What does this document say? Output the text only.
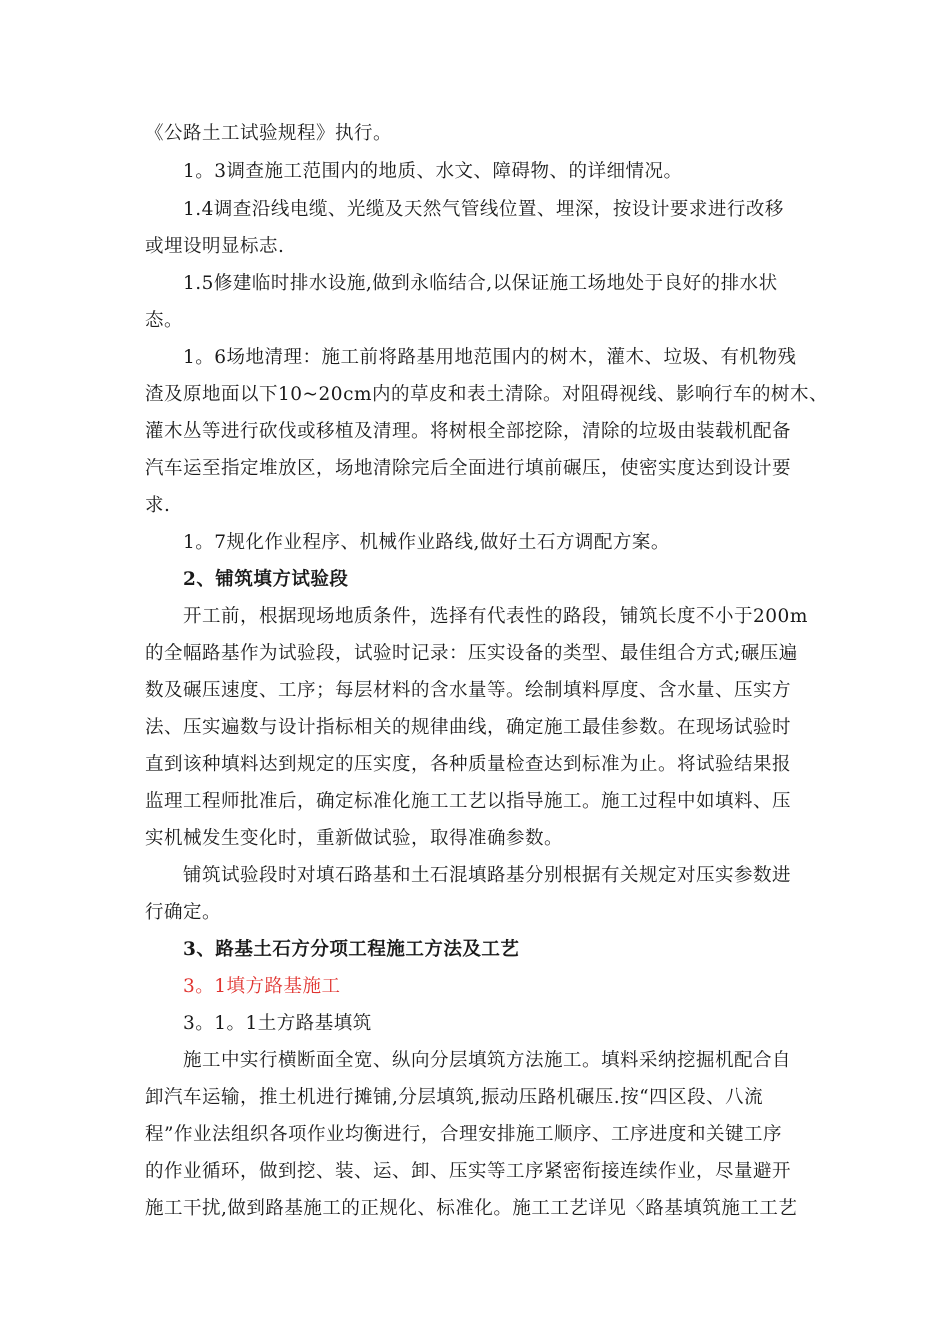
《公路土工试验规程》执行。
1。3调查施工范围内的地质、水文、障碍物、的详细情况。
1.4调查沿线电缆、光缆及天然气管线位置、埋深，按设计要求进行改移
或埋设明显标志.
1.5修建临时排水设施,做到永临结合,以保证施工场地处于良好的排水状
态。
1。6场地清理：施工前将路基用地范围内的树木，灌木、垃圾、有机物残
渣及原地面以下10~20cm内的草皮和表土清除。对阻碍视线、影响行车的树木、
灌木丛等进行砍伐或移植及清理。将树根全部挖除，清除的垃圾由装载机配备
汽车运至指定堆放区，场地清除完后全面进行填前碾压，使密实度达到设计要
求.
1。7规化作业程序、机械作业路线,做好土石方调配方案。
2、铺筑填方试验段
开工前，根据现场地质条件，选择有代表性的路段，铺筑长度不小于200m
的全幅路基作为试验段，试验时记录：压实设备的类型、最佳组合方式;碾压遍
数及碾压速度、工序；每层材料的含水量等。绘制填料厚度、含水量、压实方
法、压实遍数与设计指标相关的规律曲线，确定施工最佳参数。在现场试验时
直到该种填料达到规定的压实度，各种质量检查达到标准为止。将试验结果报
监理工程师批准后，确定标准化施工工艺以指导施工。施工过程中如填料、压
实机械发生变化时，重新做试验，取得准确参数。
铺筑试验段时对填石路基和土石混填路基分别根据有关规定对压实参数进
行确定。
3、路基土石方分项工程施工方法及工艺
3。1填方路基施工
3。1。1土方路基填筑
施工中实行横断面全宽、纵向分层填筑方法施工。填料采纳挖掘机配合自
卸汽车运输，推土机进行摊铺,分层填筑,振动压路机碾压.按“四区段、八流
程”作业法组织各项作业均衡进行，合理安排施工顺序、工序进度和关键工序
的作业循环，做到挖、装、运、卸、压实等工序紧密衔接连续作业，尽量避开
施工干扰,做到路基施工的正规化、标准化。施工工艺详见〈路基填筑施工工艺
